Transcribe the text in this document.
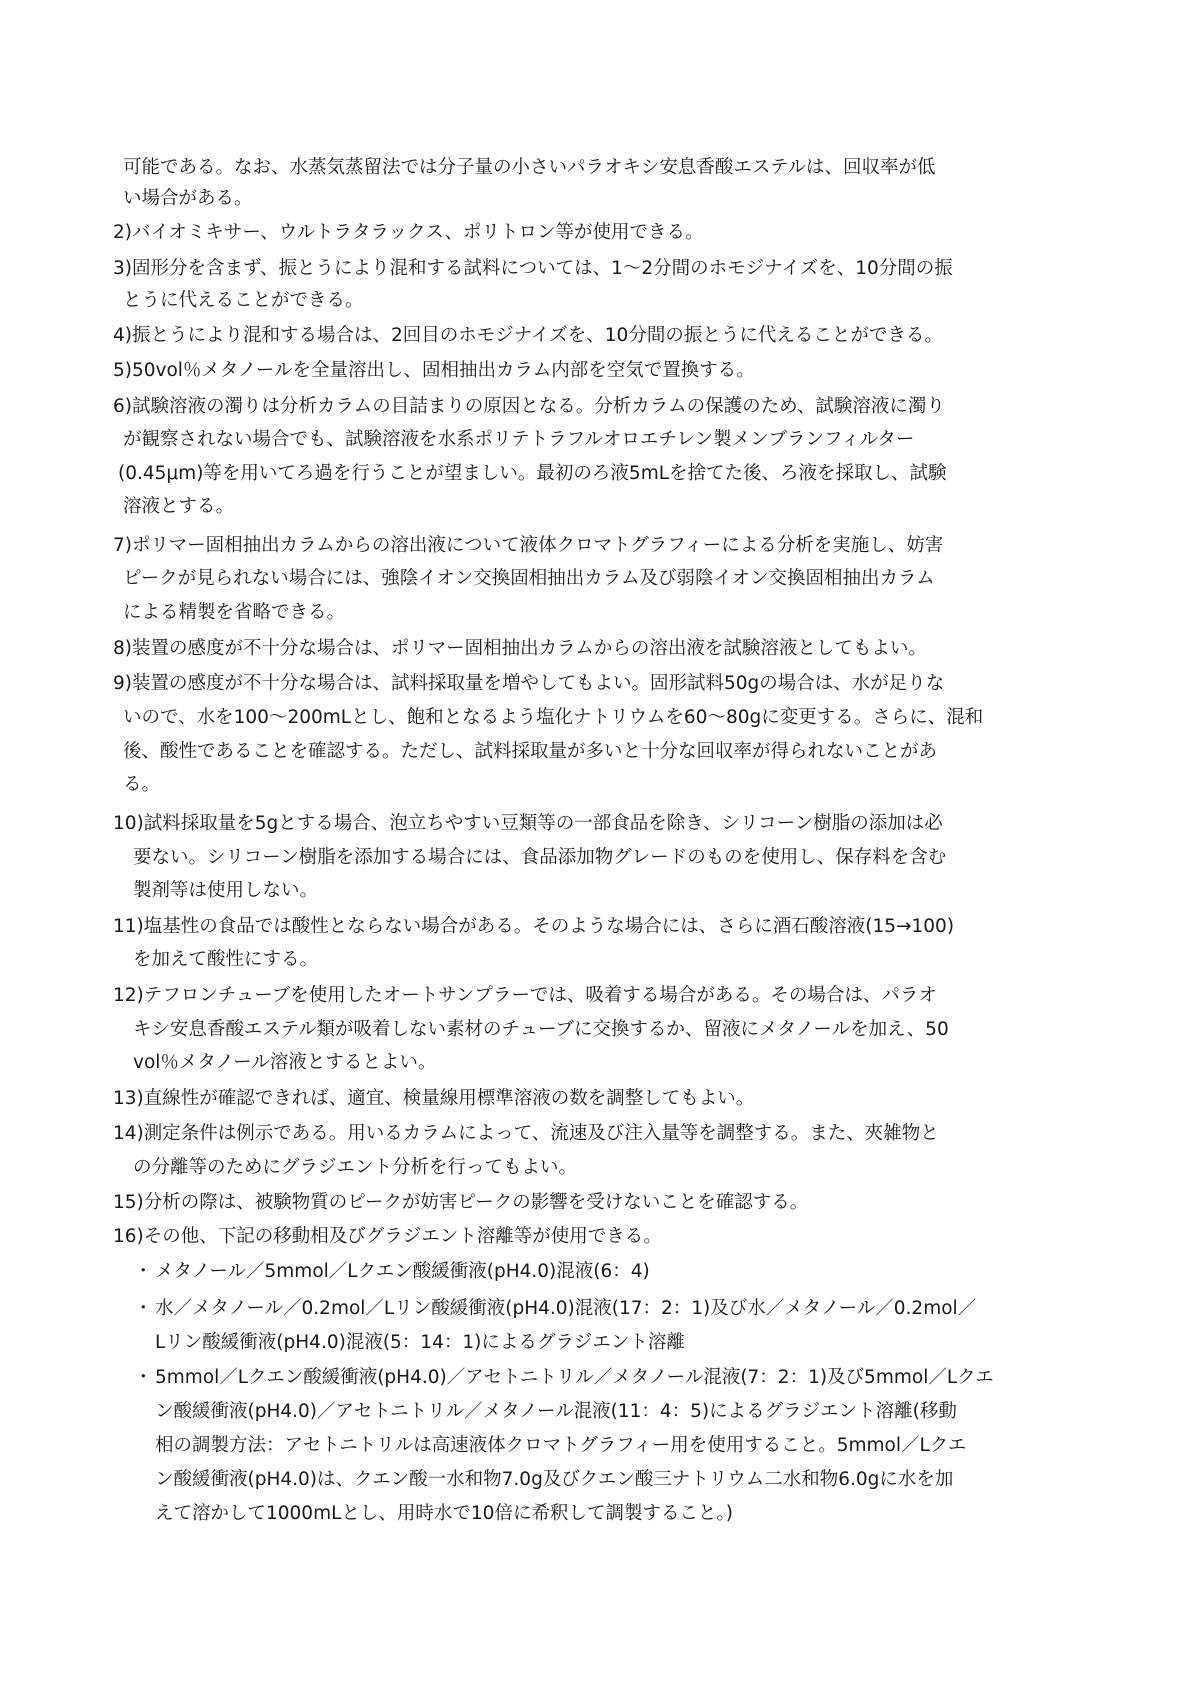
可能である。なお、水蒸気蒸留法では分子量の小さいパラオキシ安息香酸エステルは、回収率が低
い場合がある。
2)バイオミキサー、ウルトラタラックス、ポリトロン等が使用できる。
3)固形分を含まず、振とうにより混和する試料については、1～2分間のホモジナイズを、10分間の振
とうに代えることができる。
4)振とうにより混和する場合は、2回目のホモジナイズを、10分間の振とうに代えることができる。
5)50vol％メタノールを全量溶出し、固相抽出カラム内部を空気で置換する。
6)試験溶液の濁りは分析カラムの目詰まりの原因となる。分析カラムの保護のため、試験溶液に濁り
が観察されない場合でも、試験溶液を水系ポリテトラフルオロエチレン製メンブランフィルター
(0.45μm)等を用いてろ過を行うことが望ましい。最初のろ液5mLを捨てた後、ろ液を採取し、試験
溶液とする。
7)ポリマー固相抽出カラムからの溶出液について液体クロマトグラフィーによる分析を実施し、妨害
ピークが見られない場合には、強陰イオン交換固相抽出カラム及び弱陰イオン交換固相抽出カラム
による精製を省略できる。
8)装置の感度が不十分な場合は、ポリマー固相抽出カラムからの溶出液を試験溶液としてもよい。
9)装置の感度が不十分な場合は、試料採取量を増やしてもよい。固形試料50gの場合は、水が足りな
いので、水を100～200mLとし、飽和となるよう塩化ナトリウムを60～80gに変更する。さらに、混和
後、酸性であることを確認する。ただし、試料採取量が多いと十分な回収率が得られないことがあ
る。
10)試料採取量を5gとする場合、泡立ちやすい豆類等の一部食品を除き、シリコーン樹脂の添加は必
要ない。シリコーン樹脂を添加する場合には、食品添加物グレードのものを使用し、保存料を含む
製剤等は使用しない。
11)塩基性の食品では酸性とならない場合がある。そのような場合には、さらに酒石酸溶液(15→100)
を加えて酸性にする。
12)テフロンチューブを使用したオートサンプラーでは、吸着する場合がある。その場合は、パラオ
キシ安息香酸エステル類が吸着しない素材のチューブに交換するか、留液にメタノールを加え、50
vol％メタノール溶液とするとよい。
13)直線性が確認できれば、適宜、検量線用標準溶液の数を調整してもよい。
14)測定条件は例示である。用いるカラムによって、流速及び注入量等を調整する。また、夾雑物と
の分離等のためにグラジエント分析を行ってもよい。
15)分析の際は、被験物質のピークが妨害ピークの影響を受けないことを確認する。
16)その他、下記の移動相及びグラジエント溶離等が使用できる。
・ メタノール／5mmol／Lクエン酸緩衝液(pH4.0)混液(6：4)
・ 水／メタノール／0.2mol／Lリン酸緩衝液(pH4.0)混液(17：2：1)及び水／メタノール／0.2mol／
Lリン酸緩衝液(pH4.0)混液(5：14：1)によるグラジエント溶離
・ 5mmol／Lクエン酸緩衝液(pH4.0)／アセトニトリル／メタノール混液(7：2：1)及び5mmol／Lクエ
ン酸緩衝液(pH4.0)／アセトニトリル／メタノール混液(11：4：5)によるグラジエント溶離(移動
相の調製方法：アセトニトリルは高速液体クロマトグラフィー用を使用すること。5mmol／Lクエ
ン酸緩衝液(pH4.0)は、クエン酸一水和物7.0g及びクエン酸三ナトリウム二水和物6.0gに水を加
えて溶かして1000mLとし、用時水で10倍に希釈して調製すること。)
